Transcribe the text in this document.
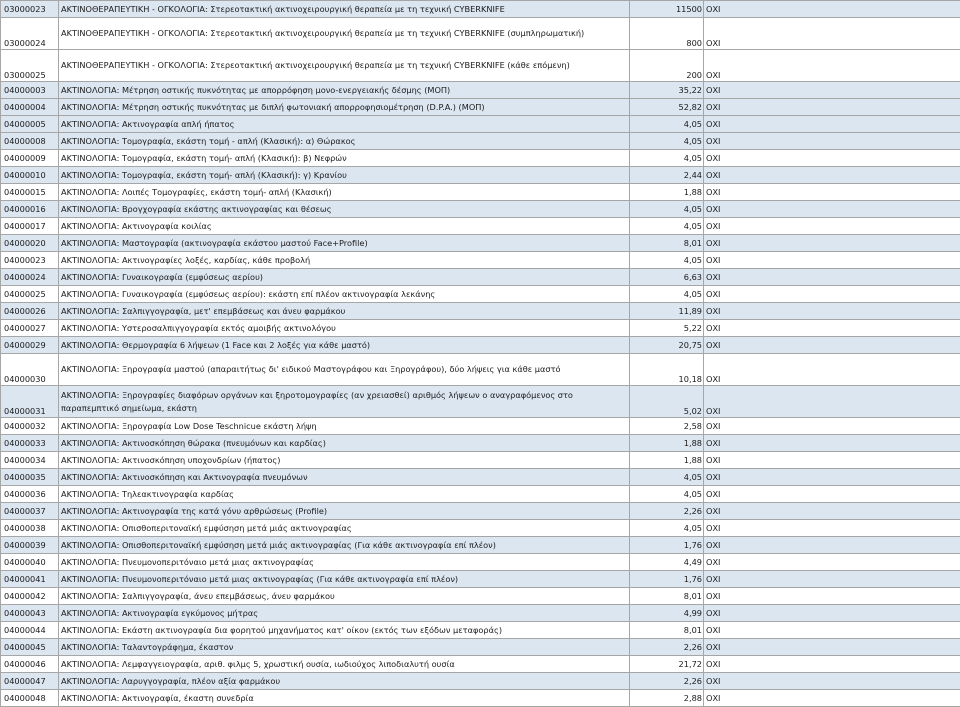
03000023	ΑΚΤΙΝΟΘΕΡΑΠΕΥΤΙΚΗ - ΟΓΚΟΛΟΓΙΑ: Στερεοτακτική ακτινοχειρουργική θεραπεία με τη τεχνική CYBERKNIFE	11500	ΟΧΙ
03000024	ΑΚΤΙΝΟΘΕΡΑΠΕΥΤΙΚΗ - ΟΓΚΟΛΟΓΙΑ: Στερεοτακτική ακτινοχειρουργική θεραπεία με τη τεχνική CYBERKNIFE (συμπληρωματική)	800	ΟΧΙ
03000025	ΑΚΤΙΝΟΘΕΡΑΠΕΥΤΙΚΗ - ΟΓΚΟΛΟΓΙΑ: Στερεοτακτική ακτινοχειρουργική θεραπεία με τη τεχνική CYBERKNIFE (κάθε επόμενη)	200	ΟΧΙ
04000003	ΑΚΤΙΝΟΛΟΓΙΑ: Μέτρηση οστικής πυκνότητας με απορρόφηση μονο-ενεργειακής δέσμης (ΜΟΠ)	35,22	ΟΧΙ
04000004	ΑΚΤΙΝΟΛΟΓΙΑ: Μέτρηση οστικής πυκνότητας με διπλή φωτονιακή απορροφησιομέτρηση (D.P.A.) (ΜΟΠ)	52,82	ΟΧΙ
04000005	ΑΚΤΙΝΟΛΟΓΙΑ: Ακτινογραφία απλή ήπατος	4,05	ΟΧΙ
04000008	ΑΚΤΙΝΟΛΟΓΙΑ: Τομογραφία, εκάστη τομή - απλή (Κλασική): α) Θώρακος	4,05	ΟΧΙ
04000009	ΑΚΤΙΝΟΛΟΓΙΑ: Τομογραφία, εκάστη τομή- απλή (Κλασική): β) Νεφρών	4,05	ΟΧΙ
04000010	ΑΚΤΙΝΟΛΟΓΙΑ: Τομογραφία, εκάστη τομή- απλή (Κλασική): γ) Κρανίου	2,44	ΟΧΙ
04000015	ΑΚΤΙΝΟΛΟΓΙΑ: Λοιπές Τομογραφίες, εκάστη τομή- απλή (Κλασική)	1,88	ΟΧΙ
04000016	ΑΚΤΙΝΟΛΟΓΙΑ: Βρογχογραφία εκάστης ακτινογραφίας και θέσεως	4,05	ΟΧΙ
04000017	ΑΚΤΙΝΟΛΟΓΙΑ: Ακτινογραφία κοιλίας	4,05	ΟΧΙ
04000020	ΑΚΤΙΝΟΛΟΓΙΑ: Μαστογραφία (ακτινογραφία εκάστου μαστού Face+Profile)	8,01	ΟΧΙ
04000023	ΑΚΤΙΝΟΛΟΓΙΑ: Ακτινογραφίες λοξές, καρδίας, κάθε προβολή	4,05	ΟΧΙ
04000024	ΑΚΤΙΝΟΛΟΓΙΑ: Γυναικογραφία (εμφύσεως αερίου)	6,63	ΟΧΙ
04000025	ΑΚΤΙΝΟΛΟΓΙΑ: Γυναικογραφία (εμφύσεως αερίου): εκάστη επί πλέον ακτινογραφία λεκάνης	4,05	ΟΧΙ
04000026	ΑΚΤΙΝΟΛΟΓΙΑ: Σαλπιγγογραφία, μετ' επεμβάσεως και άνευ φαρμάκου	11,89	ΟΧΙ
04000027	ΑΚΤΙΝΟΛΟΓΙΑ: Υστεροσαλπιγγογραφία εκτός αμοιβής ακτινολόγου	5,22	ΟΧΙ
04000029	ΑΚΤΙΝΟΛΟΓΙΑ: Θερμογραφία 6 λήψεων (1 Face και 2 λοξές για κάθε μαστό)	20,75	ΟΧΙ
04000030	ΑΚΤΙΝΟΛΟΓΙΑ: Ξηρογραφία μαστού (απαραιτήτως δι' ειδικού Μαστογράφου και Ξηρογράφου), δύο λήψεις για κάθε μαστό	10,18	ΟΧΙ
04000031	ΑΚΤΙΝΟΛΟΓΙΑ: Ξηρογραφίες διαφόρων οργάνων και ξηροτομογραφίες (αν χρειασθεί) αριθμός λήψεων ο αναγραφόμενος στο παραπεμπτικό σημείωμα, εκάστη	5,02	ΟΧΙ
04000032	ΑΚΤΙΝΟΛΟΓΙΑ: Ξηρογραφία Low Dose Teschnicue εκάστη λήψη	2,58	ΟΧΙ
04000033	ΑΚΤΙΝΟΛΟΓΙΑ: Ακτινοσκόπηση θώρακα (πνευμόνων και καρδίας)	1,88	ΟΧΙ
04000034	ΑΚΤΙΝΟΛΟΓΙΑ: Ακτινοσκόπηση υποχονδρίων (ήπατος)	1,88	ΟΧΙ
04000035	ΑΚΤΙΝΟΛΟΓΙΑ: Ακτινοσκόπηση και Ακτινογραφία πνευμόνων	4,05	ΟΧΙ
04000036	ΑΚΤΙΝΟΛΟΓΙΑ: Τηλεακτινογραφία καρδίας	4,05	ΟΧΙ
04000037	ΑΚΤΙΝΟΛΟΓΙΑ: Ακτινογραφία της κατά γόνυ αρθρώσεως (Profile)	2,26	ΟΧΙ
04000038	ΑΚΤΙΝΟΛΟΓΙΑ: Οπισθοπεριτοναϊκή εμφύσηση μετά μιάς ακτινογραφίας	4,05	ΟΧΙ
04000039	ΑΚΤΙΝΟΛΟΓΙΑ: Οπισθοπεριτοναϊκή εμφύσηση μετά μιάς ακτινογραφίας (Για κάθε ακτινογραφία επί πλέον)	1,76	ΟΧΙ
04000040	ΑΚΤΙΝΟΛΟΓΙΑ: Πνευμονοπεριτόναιο μετά μιας ακτινογραφίας	4,49	ΟΧΙ
04000041	ΑΚΤΙΝΟΛΟΓΙΑ: Πνευμονοπεριτόναιο μετά μιας ακτινογραφίας (Για κάθε ακτινογραφία επί πλέον)	1,76	ΟΧΙ
04000042	ΑΚΤΙΝΟΛΟΓΙΑ: Σαλπιγγογραφία, άνευ επεμβάσεως, άνευ φαρμάκου	8,01	ΟΧΙ
04000043	ΑΚΤΙΝΟΛΟΓΙΑ: Ακτινογραφία εγκύμονος μήτρας	4,99	ΟΧΙ
04000044	ΑΚΤΙΝΟΛΟΓΙΑ: Εκάστη ακτινογραφία δια φορητού μηχανήματος κατ' οίκον (εκτός των εξόδων μεταφοράς)	8,01	ΟΧΙ
04000045	ΑΚΤΙΝΟΛΟΓΙΑ: Ταλαντογράφημα, έκαστον	2,26	ΟΧΙ
04000046	ΑΚΤΙΝΟΛΟΓΙΑ: Λεμφαγγειογραφία, αριθ. φιλμς 5, χρωστική ουσία, ιωδιούχος λιποδιαλυτή ουσία	21,72	ΟΧΙ
04000047	ΑΚΤΙΝΟΛΟΓΙΑ: Λαρυγγογραφία, πλέον αξία φαρμάκου	2,26	ΟΧΙ
04000048	ΑΚΤΙΝΟΛΟΓΙΑ: Ακτινογραφία, έκαστη συνεδρία	2,88	ΟΧΙ
